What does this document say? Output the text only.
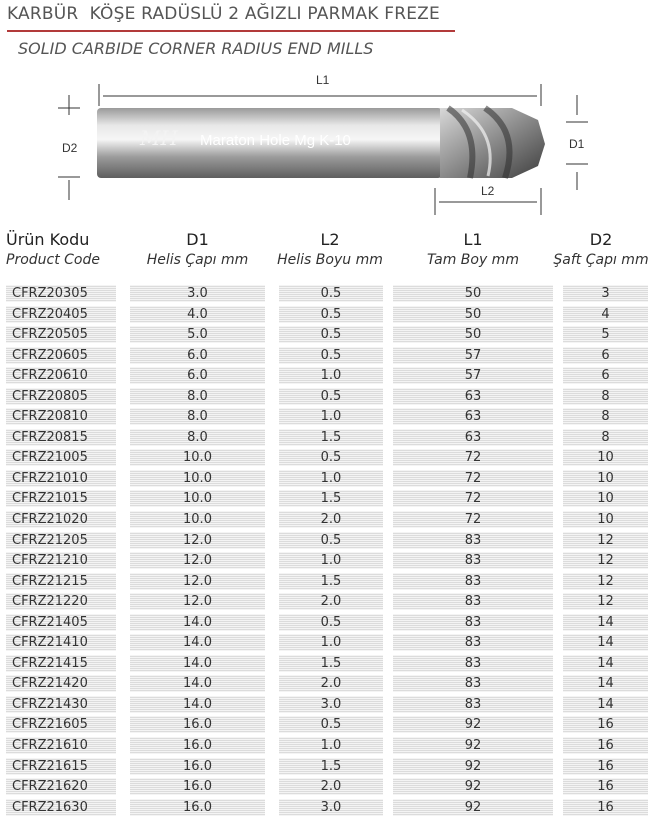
KARBÜR  KÖŞE RADÜSLÜ 2 AĞIZLI PARMAK FREZE
SOLID CARBIDE CORNER RADIUS END MILLS
L1
D2	D1
L2
MH Maraton Hole Mg K-10
Ürün Kodu
Product Code
D1
Helis Çapı mm
L2
Helis Boyu mm
L1
Tam Boy mm
D2
Şaft Çapı mm
CFRZ20305	3.0	0.5	50	3
CFRZ20405	4.0	0.5	50	4
CFRZ20505	5.0	0.5	50	5
CFRZ20605	6.0	0.5	57	6
CFRZ20610	6.0	1.0	57	6
CFRZ20805	8.0	0.5	63	8
CFRZ20810	8.0	1.0	63	8
CFRZ20815	8.0	1.5	63	8
CFRZ21005	10.0	0.5	72	10
CFRZ21010	10.0	1.0	72	10
CFRZ21015	10.0	1.5	72	10
CFRZ21020	10.0	2.0	72	10
CFRZ21205	12.0	0.5	83	12
CFRZ21210	12.0	1.0	83	12
CFRZ21215	12.0	1.5	83	12
CFRZ21220	12.0	2.0	83	12
CFRZ21405	14.0	0.5	83	14
CFRZ21410	14.0	1.0	83	14
CFRZ21415	14.0	1.5	83	14
CFRZ21420	14.0	2.0	83	14
CFRZ21430	14.0	3.0	83	14
CFRZ21605	16.0	0.5	92	16
CFRZ21610	16.0	1.0	92	16
CFRZ21615	16.0	1.5	92	16
CFRZ21620	16.0	2.0	92	16
CFRZ21630	16.0	3.0	92	16
